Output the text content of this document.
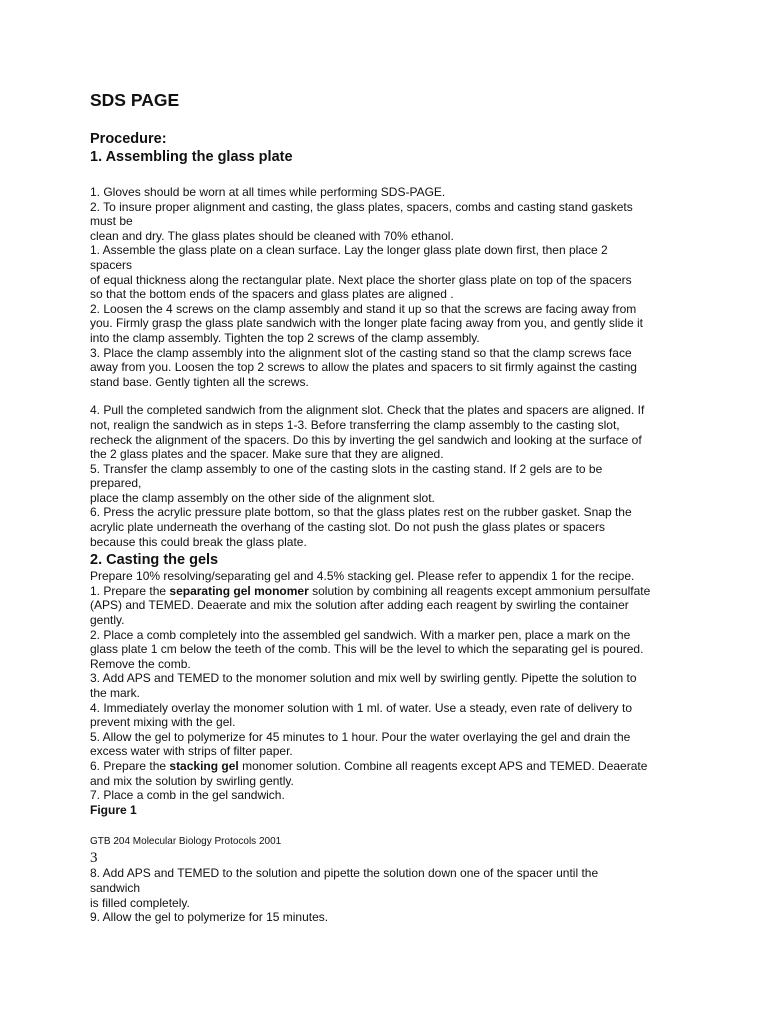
SDS PAGE

Procedure:

1. Assembling the glass plate

1. Gloves should be worn at all times while performing SDS-PAGE.

2. To insure proper alignment and casting, the glass plates, spacers, combs and casting stand gaskets

must be

clean and dry. The glass plates should be cleaned with 70% ethanol.

1. Assemble the glass plate on a clean surface. Lay the longer glass plate down first, then place 2

spacers

of equal thickness along the rectangular plate. Next place the shorter glass plate on top of the spacers

so that the bottom ends of the spacers and glass plates are aligned .

2. Loosen the 4 screws on the clamp assembly and stand it up so that the screws are facing away from

you. Firmly grasp the glass plate sandwich with the longer plate facing away from you, and gently slide it

into the clamp assembly. Tighten the top 2 screws of the clamp assembly.

3. Place the clamp assembly into the alignment slot of the casting stand so that the clamp screws face

away from you. Loosen the top 2 screws to allow the plates and spacers to sit firmly against the casting

stand base. Gently tighten all the screws.

4. Pull the completed sandwich from the alignment slot. Check that the plates and spacers are aligned. If

not, realign the sandwich as in steps 1-3. Before transferring the clamp assembly to the casting slot,

recheck the alignment of the spacers. Do this by inverting the gel sandwich and looking at the surface of

the 2 glass plates and the spacer. Make sure that they are aligned.

5. Transfer the clamp assembly to one of the casting slots in the casting stand. If 2 gels are to be

prepared,

place the clamp assembly on the other side of the alignment slot.

6. Press the acrylic pressure plate bottom, so that the glass plates rest on the rubber gasket. Snap the

acrylic plate underneath the overhang of the casting slot. Do not push the glass plates or spacers

because this could break the glass plate.

2. Casting the gels

Prepare 10% resolving/separating gel and 4.5% stacking gel. Please refer to appendix 1 for the recipe.

1. Prepare the separating gel monomer solution by combining all reagents except ammonium persulfate

(APS) and TEMED. Deaerate and mix the solution after adding each reagent by swirling the container

gently.

2. Place a comb completely into the assembled gel sandwich. With a marker pen, place a mark on the

glass plate 1 cm below the teeth of the comb. This will be the level to which the separating gel is poured.

Remove the comb.

3. Add APS and TEMED to the monomer solution and mix well by swirling gently. Pipette the solution to

the mark.

4. Immediately overlay the monomer solution with 1 ml. of water. Use a steady, even rate of delivery to

prevent mixing with the gel.

5. Allow the gel to polymerize for 45 minutes to 1 hour. Pour the water overlaying the gel and drain the

excess water with strips of filter paper.

6. Prepare the stacking gel monomer solution. Combine all reagents except APS and TEMED. Deaerate

and mix the solution by swirling gently.

7. Place a comb in the gel sandwich.

Figure 1

GTB 204 Molecular Biology Protocols 2001

3

8. Add APS and TEMED to the solution and pipette the solution down one of the spacer until the

sandwich

is filled completely.

9. Allow the gel to polymerize for 15 minutes.
